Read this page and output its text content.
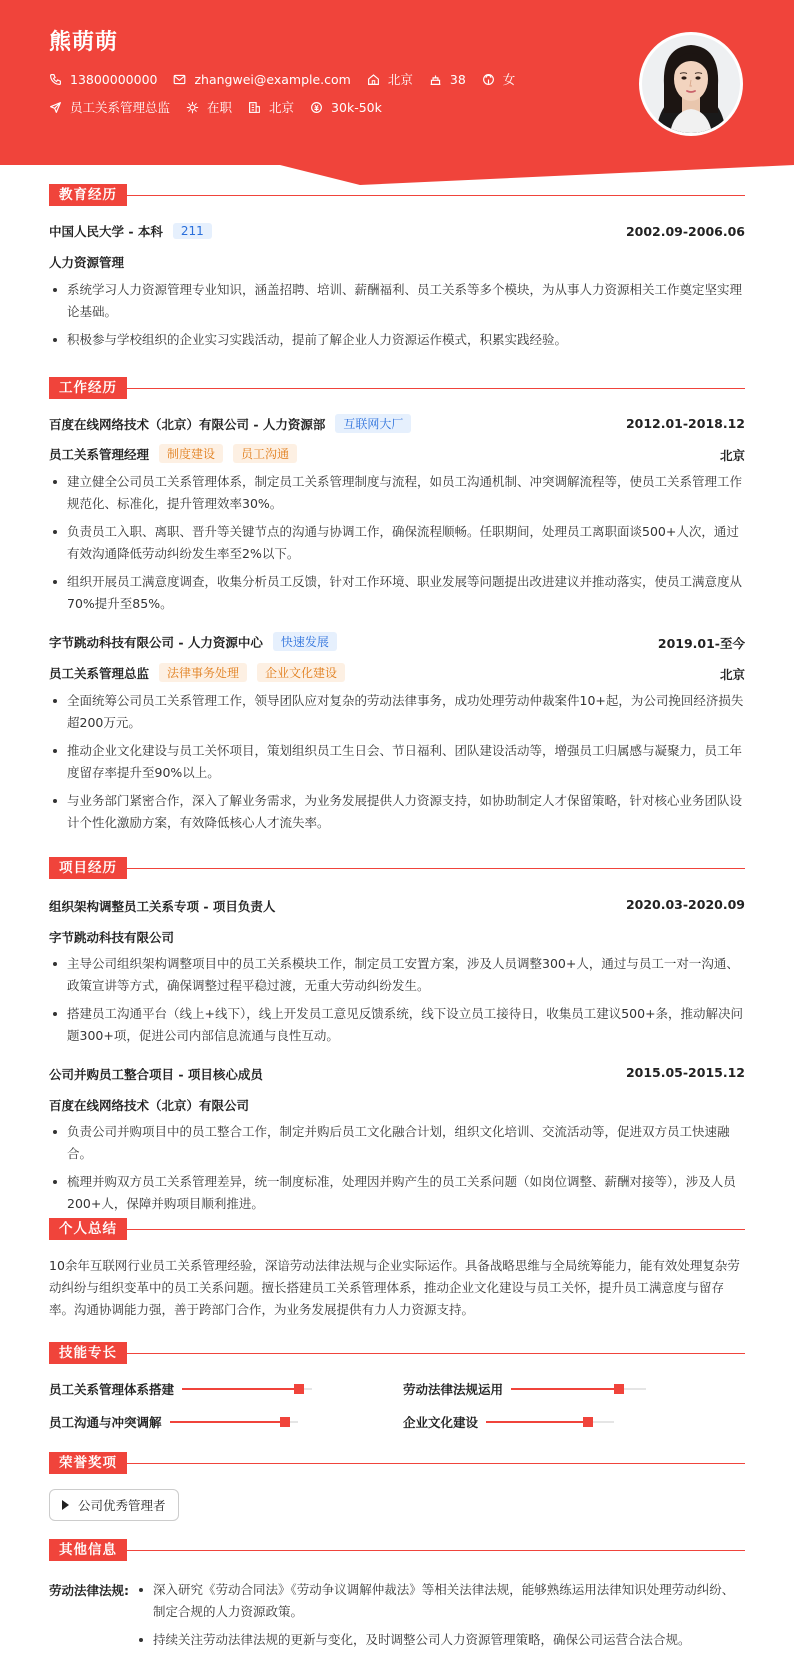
熊萌萌
13800000000	zhangwei@example.com	北京	38	女
员工关系管理总监	在职	北京	30k-50k
教育经历
中国人民大学 - 本科	211	2002.09-2006.06
人力资源管理
系统学习人力资源管理专业知识，涵盖招聘、培训、薪酬福利、员工关系等多个模块，为从事人力资源相关工作奠定坚实理论基础。
积极参与学校组织的企业实习实践活动，提前了解企业人力资源运作模式，积累实践经验。
工作经历
百度在线网络技术（北京）有限公司 - 人力资源部	互联网大厂	2012.01-2018.12
员工关系管理经理	制度建设	员工沟通	北京
建立健全公司员工关系管理体系，制定员工关系管理制度与流程，如员工沟通机制、冲突调解流程等，使员工关系管理工作规范化、标准化，提升管理效率30%。
负责员工入职、离职、晋升等关键节点的沟通与协调工作，确保流程顺畅。任职期间，处理员工离职面谈500+人次，通过有效沟通降低劳动纠纷发生率至2%以下。
组织开展员工满意度调查，收集分析员工反馈，针对工作环境、职业发展等问题提出改进建议并推动落实，使员工满意度从70%提升至85%。
字节跳动科技有限公司 - 人力资源中心	快速发展	2019.01-至今
员工关系管理总监	法律事务处理	企业文化建设	北京
全面统筹公司员工关系管理工作，领导团队应对复杂的劳动法律事务，成功处理劳动仲裁案件10+起，为公司挽回经济损失超200万元。
推动企业文化建设与员工关怀项目，策划组织员工生日会、节日福利、团队建设活动等，增强员工归属感与凝聚力，员工年度留存率提升至90%以上。
与业务部门紧密合作，深入了解业务需求，为业务发展提供人力资源支持，如协助制定人才保留策略，针对核心业务团队设计个性化激励方案，有效降低核心人才流失率。
项目经历
组织架构调整员工关系专项 - 项目负责人	2020.03-2020.09
字节跳动科技有限公司
主导公司组织架构调整项目中的员工关系模块工作，制定员工安置方案，涉及人员调整300+人，通过与员工一对一沟通、政策宣讲等方式，确保调整过程平稳过渡，无重大劳动纠纷发生。
搭建员工沟通平台（线上+线下），线上开发员工意见反馈系统，线下设立员工接待日，收集员工建议500+条，推动解决问题300+项，促进公司内部信息流通与良性互动。
公司并购员工整合项目 - 项目核心成员	2015.05-2015.12
百度在线网络技术（北京）有限公司
负责公司并购项目中的员工整合工作，制定并购后员工文化融合计划，组织文化培训、交流活动等，促进双方员工快速融合。
梳理并购双方员工关系管理差异，统一制度标准，处理因并购产生的员工关系问题（如岗位调整、薪酬对接等），涉及人员200+人，保障并购项目顺利推进。
个人总结
10余年互联网行业员工关系管理经验，深谙劳动法律法规与企业实际运作。具备战略思维与全局统筹能力，能有效处理复杂劳动纠纷与组织变革中的员工关系问题。擅长搭建员工关系管理体系，推动企业文化建设与员工关怀，提升员工满意度与留存率。沟通协调能力强，善于跨部门合作，为业务发展提供有力人力资源支持。
技能专长
员工关系管理体系搭建	劳动法律法规运用
员工沟通与冲突调解	企业文化建设
荣誉奖项
公司优秀管理者
其他信息
劳动法律法规:	深入研究《劳动合同法》《劳动争议调解仲裁法》等相关法律法规，能够熟练运用法律知识处理劳动纠纷、制定合规的人力资源政策。
持续关注劳动法律法规的更新与变化，及时调整公司人力资源管理策略，确保公司运营合法合规。
